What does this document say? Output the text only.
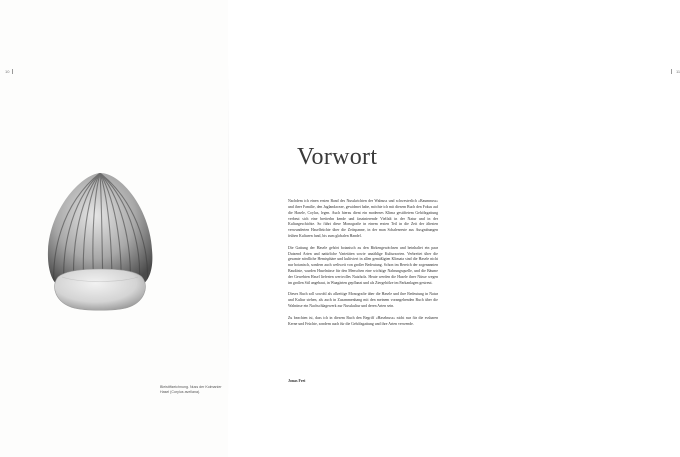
10
Bleistiftzeichnung. Nuss der Kolmanier Hasel (Corylus avellana).
11
Vorwort

Nachdem ich einen ersten Band des Nusskrichten der Walnuss und schwesterlich «Baumnuss» und ihrer Familie, den Juglandaceae, gewidmet habe, möchte ich mit diesem Buch den Fokus auf die Hasele, Coylus, legen. Auch hierzu dient ein modernes Klima gestiftetem Gehölzgattung verbeut sich eine breiterhn kende und faszinierende Vielfalt in der Natur und in der Kulturgeschichte. So führt diese Monografie in einem ersten Teil in die Zeit der ältesten verwunderten Haselfrüchte über die Zeitspanne, in der man Schalenreste aus Ausgrabungen frühen Kulturen fand, bis zum globalen Handel.

Die Gattung der Hasele gehört botanisch zu den Birkengewächsen und beinhaltet ein paar Dutzend Arten und natürliche Varietäten sowie unzählige Kultursorten. Verbreitet über die gesamte nördliche Hemisphäre und kultiviert in allen gemäßigten Klimata sind die Hasele nicht nur botanisch, sondern auch weltweit von großer Bedeutung. Schon im Bereich der sogenannten Baudäste, wurden Haselnüsse für den Menschen eine wichtige Nahrungsquelle, und die Bäume der Gewebten Hasel lieferten wertvolles Nutzholz. Heute werden die Hasele ihrer Nüsse wegen im großen Stil angebaut, in Waagärten gepflanzt und als Ziergehölze im Parkanlagen gestreut.

Dieses Buch soll sowohl als allzeitige Monografie über die Hasele und ihre Bedeutung in Natur und Kultur stehen, als auch in Zusammenhang mit den meinem vorangehenden Buch über die Walnüsse ein Nachschlagewerk zur Nusskultur und deren Arten sein.

Zu beachten ist, dass ich in diesem Buch den Begriff «Haselnuss» nicht nur für die essbaren Kerne und Früchte, sondern auch für die Gehölzgattung und ihre Arten verwende.

Jonas Frei
